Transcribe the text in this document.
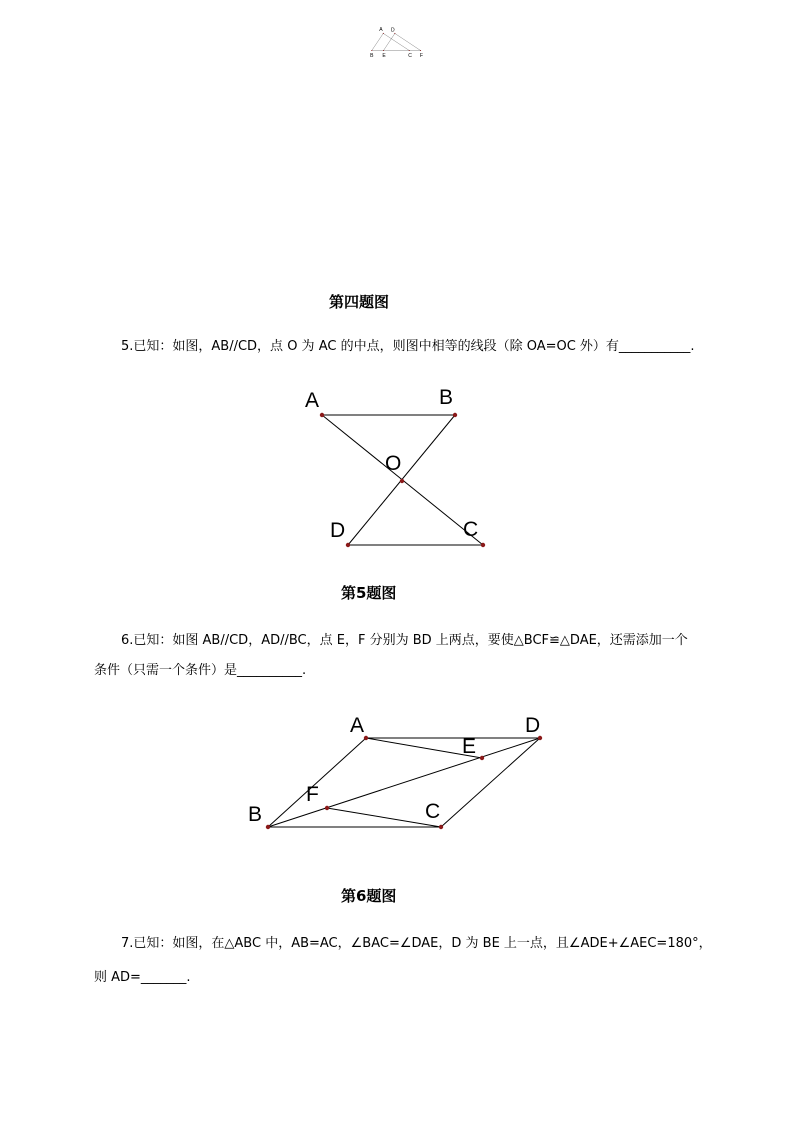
A D
B E C F
第四题图
5.已知：如图，AB//CD，点 O 为 AC 的中点，则图中相等的线段（除 OA=OC 外）有___________.
A	B
O
D	C
第5题图
6.已知：如图 AB//CD，AD//BC，点 E，F 分别为 BD 上两点，要使△BCF≌△DAE，还需添加一个
条件（只需一个条件）是__________.
A	D
E
F
B	C
第6题图
7.已知：如图，在△ABC 中，AB=AC，∠BAC=∠DAE，D 为 BE 上一点，且∠ADE+∠AEC=180°，
则 AD=_______.
